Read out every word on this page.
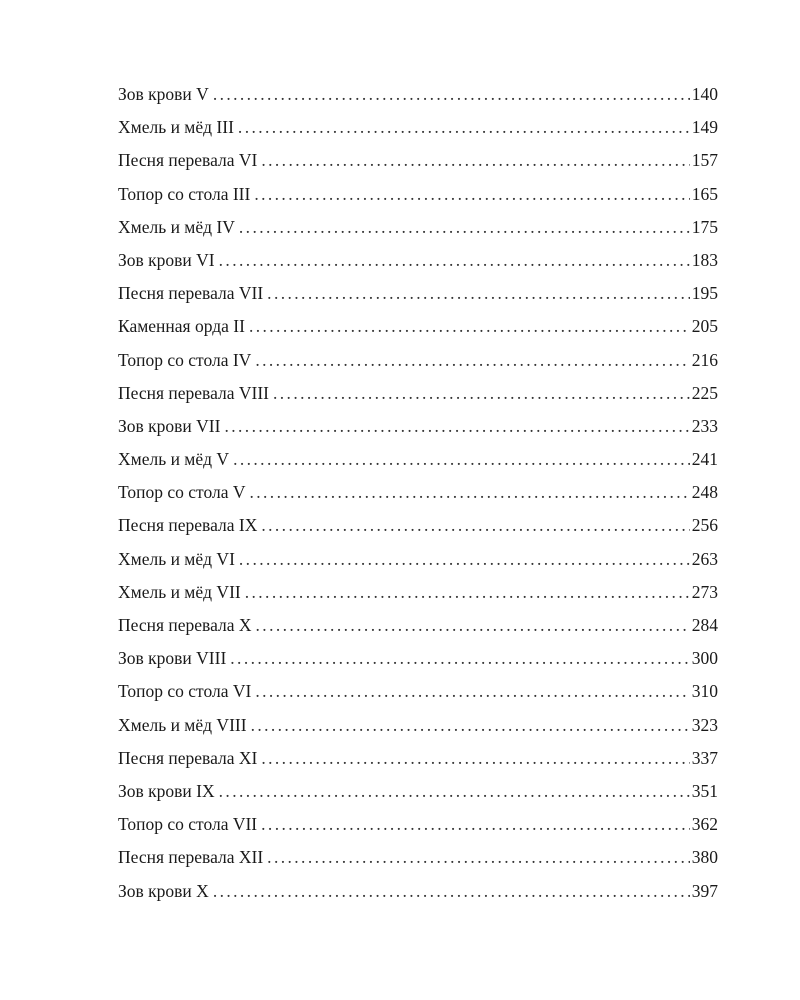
Зов крови V .....	140
Хмель и мёд III .....	149
Песня перевала VI .....	157
Топор со стола III .....	165
Хмель и мёд IV .....	175
Зов крови VI .....	183
Песня перевала VII .....	195
Каменная орда II .....	205
Топор со стола IV .....	216
Песня перевала VIII .....	225
Зов крови VII .....	233
Хмель и мёд V .....	241
Топор со стола V .....	248
Песня перевала IX .....	256
Хмель и мёд VI .....	263
Хмель и мёд VII .....	273
Песня перевала X .....	284
Зов крови VIII .....	300
Топор со стола VI .....	310
Хмель и мёд VIII .....	323
Песня перевала XI .....	337
Зов крови IX .....	351
Топор со стола VII .....	362
Песня перевала XII .....	380
Зов крови X .....	397
